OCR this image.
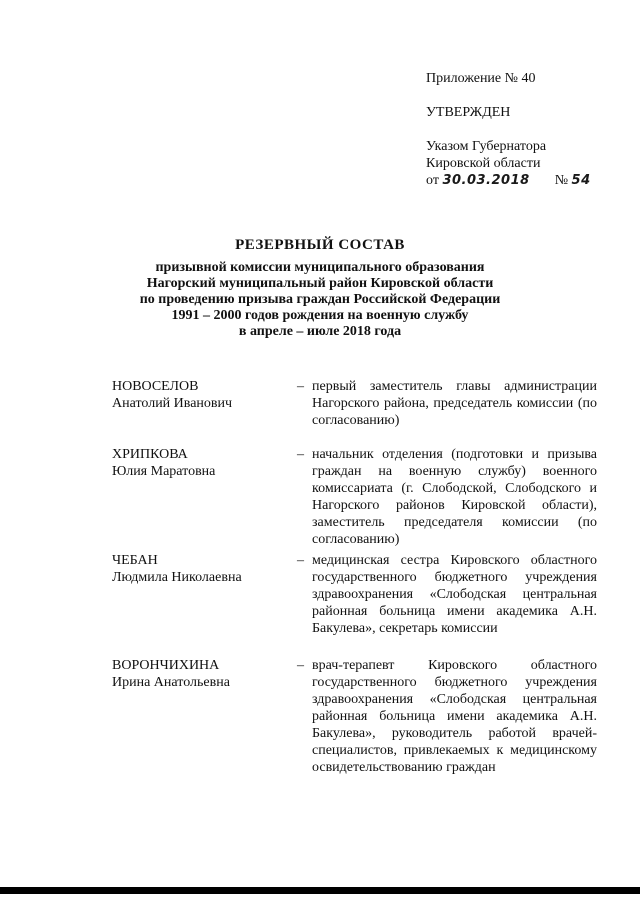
Приложение № 40
УТВЕРЖДЕН
Указом Губернатора
Кировской области
от 30.03.2018 № 54
РЕЗЕРВНЫЙ СОСТАВ
призывной комиссии муниципального образования
Нагорский муниципальный район Кировской области
по проведению призыва граждан Российской Федерации
1991 – 2000 годов рождения на военную службу
в апреле – июле 2018 года
НОВОСЕЛОВ
Анатолий Иванович
– первый заместитель главы администрации Нагорского района, председатель комиссии (по согласованию)
ХРИПКОВА
Юлия Маратовна
– начальник отделения (подготовки и призыва граждан на военную службу) военного комиссариата (г. Слободской, Слободского и Нагорского районов Кировской области), заместитель председателя комиссии (по согласованию)
ЧЕБАН
Людмила Николаевна
– медицинская сестра Кировского областного государственного бюджетного учреждения здравоохранения «Слободская центральная районная больница имени академика А.Н. Бакулева», секретарь комиссии
ВОРОНЧИХИНА
Ирина Анатольевна
– врач-терапевт Кировского областного государственного бюджетного учреждения здравоохранения «Слободская центральная районная больница имени академика А.Н. Бакулева», руководитель работой врачей-специалистов, привлекаемых к медицинскому освидетельствованию граждан
